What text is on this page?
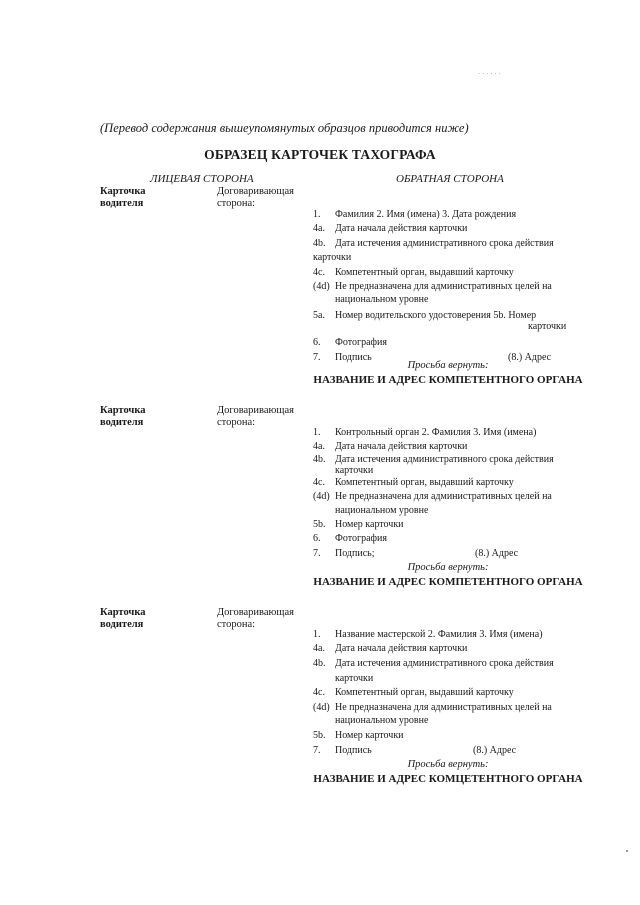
· · · · · ·
(Перевод содержания вышеупомянутых образцов приводится ниже)
ОБРАЗЕЦ КАРТОЧЕК ТАХОГРАФА
ЛИЦЕВАЯ СТОРОНА	ОБРАТНАЯ СТОРОНА
Карточка водителя
Договаривающая сторона:
1. Фамилия 2. Имя (имена) 3. Дата рождения
4a. Дата начала действия карточки
4b. Дата истечения административного срока действия
карточки
4c. Компетентный орган, выдавший карточку
(4d) Не предназначена для административных целей на
национальном уровне
5a. Номер водительского удостоверения 5b. Номер
карточки
6. Фотография
7. Подпись	(8.) Адрес
Просьба вернуть:
НАЗВАНИЕ И АДРЕС КОМПЕТЕНТНОГО ОРГАНА
Карточка водителя
Договаривающая сторона:
1. Контрольный орган 2. Фамилия 3. Имя (имена)
4a. Дата начала действия карточки
4b. Дата истечения административного срока действия карточки
4c. Компетентный орган, выдавший карточку
(4d) Не предназначена для административных целей на
национальном уровне
5b. Номер карточки
6. Фотография
7. Подпись;	(8.) Адрес
Просьба вернуть:
НАЗВАНИЕ И АДРЕС КОМПЕТЕНТНОГО ОРГАНА
Карточка водителя
Договаривающая сторона:
1. Название мастерской 2. Фамилия 3. Имя (имена)
4a. Дата начала действия карточки
4b. Дата истечения административного срока действия
карточки
4c. Компетентный орган, выдавший карточку
(4d) Не предназначена для административных целей на
национальном уровне
5b. Номер карточки
7. Подпись	(8.) Адрес
Просьба вернуть:
НАЗВАНИЕ И АДРЕС КОМЦЕТЕНТНОГО ОРГАНА
